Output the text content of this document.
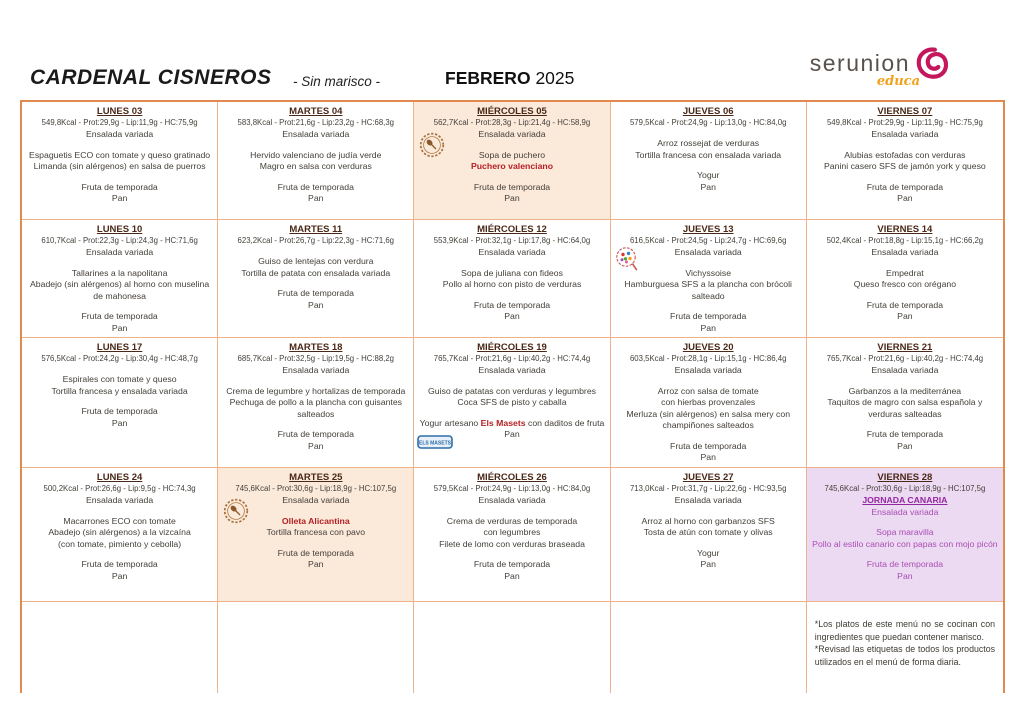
CARDENAL CISNEROS - Sin marisco -	FEBRERO 2025
serunion
educa
LUNES 03
549,8Kcal - Prot:29,9g - Lip:11,9g - HC:75,9g
Ensalada variada
Espaguetis ECO con tomate y queso gratinado
Limanda (sin alérgenos) en salsa de puerros
Fruta de temporada
Pan
MARTES 04
583,8Kcal - Prot:21,6g - Lip:23,2g - HC:68,3g
Ensalada variada
Hervido valenciano de judía verde
Magro en salsa con verduras
Fruta de temporada
Pan
MIÉRCOLES 05
562,7Kcal - Prot:28,3g - Lip:21,4g - HC:58,9g
Ensalada variada
Sopa de puchero
Puchero valenciano
Fruta de temporada
Pan
JUEVES 06
579,5Kcal - Prot:24,9g - Lip:13,0g - HC:84,0g
Arroz rossejat de verduras
Tortilla francesa con ensalada variada
Yogur
Pan
VIERNES 07
549,8Kcal - Prot:29,9g - Lip:11,9g - HC:75,9g
Ensalada variada
Alubias estofadas con verduras
Panini casero SFS de jamón york y queso
Fruta de temporada
Pan
LUNES 10
610,7Kcal - Prot:22,3g - Lip:24,3g - HC:71,6g
Ensalada variada
Tallarines a la napolitana
Abadejo (sin alérgenos) al horno con muselina de mahonesa
Fruta de temporada
Pan
MARTES 11
623,2Kcal - Prot:26,7g - Lip:22,3g - HC:71,6g
Guiso de lentejas con verdura
Tortilla de patata con ensalada variada
Fruta de temporada
Pan
MIÉRCOLES 12
553,9Kcal - Prot:32,1g - Lip:17,8g - HC:64,0g
Ensalada variada
Sopa de juliana con fideos
Pollo al horno con pisto de verduras
Fruta de temporada
Pan
JUEVES 13
616,5Kcal - Prot:24,5g - Lip:24,7g - HC:69,6g
Ensalada variada
Vichyssoise
Hamburguesa SFS a la plancha con brócoli salteado
Fruta de temporada
Pan
VIERNES 14
502,4Kcal - Prot:18,8g - Lip:15,1g - HC:66,2g
Ensalada variada
Empedrat
Queso fresco con orégano
Fruta de temporada
Pan
LUNES 17
576,5Kcal - Prot:24,2g - Lip:30,4g - HC:48,7g
Espirales con tomate y queso
Tortilla francesa y ensalada variada
Fruta de temporada
Pan
MARTES 18
685,7Kcal - Prot:32,5g - Lip:19,5g - HC:88,2g
Ensalada variada
Crema de legumbre y hortalizas de temporada
Pechuga de pollo a la plancha con guisantes salteados
Fruta de temporada
Pan
MIÉRCOLES 19
765,7Kcal - Prot:21,6g - Lip:40,2g - HC:74,4g
Ensalada variada
Guiso de patatas con verduras y legumbres
Coca SFS de pisto y caballa
Yogur artesano Els Masets con daditos de fruta
Pan
ELS MASETS
JUEVES 20
603,5Kcal - Prot:28,1g - Lip:15,1g - HC:86,4g
Ensalada variada
Arroz con salsa de tomate
con hierbas provenzales
Merluza (sin alérgenos) en salsa mery con champiñones salteados
Fruta de temporada
Pan
VIERNES 21
765,7Kcal - Prot:21,6g - Lip:40,2g - HC:74,4g
Ensalada variada
Garbanzos a la mediterránea
Taquitos de magro con salsa española y verduras salteadas
Fruta de temporada
Pan
LUNES 24
500,2Kcal - Prot:26,6g - Lip:9,5g - HC:74,3g
Ensalada variada
Macarrones ECO con tomate
Abadejo (sin alérgenos) a la vizcaína
(con tomate, pimiento y cebolla)
Fruta de temporada
Pan
MARTES 25
745,6Kcal - Prot:30,6g - Lip:18,9g - HC:107,5g
Ensalada variada
Olleta Alicantina
Tortilla francesa con pavo
Fruta de temporada
Pan
MIÉRCOLES 26
579,5Kcal - Prot:24,9g - Lip:13,0g - HC:84,0g
Ensalada variada
Crema de verduras de temporada
con legumbres
Filete de lomo con verduras braseada
Fruta de temporada
Pan
JUEVES 27
713,0Kcal - Prot:31,7g - Lip:22,6g - HC:93,5g
Ensalada variada
Arroz al horno con garbanzos SFS
Tosta de atún con tomate y olivas
Yogur
Pan
VIERNES 28
745,6Kcal - Prot:30,6g - Lip:18,9g - HC:107,5g
JORNADA CANARIA
Ensalada variada
Sopa maravilla
Pollo al estilo canario con papas con mojo picón
Fruta de temporada
Pan
*Los platos de este menú no se cocinan con ingredientes que puedan contener marisco.
*Revisad las etiquetas de todos los productos utilizados en el menú de forma diaria.
